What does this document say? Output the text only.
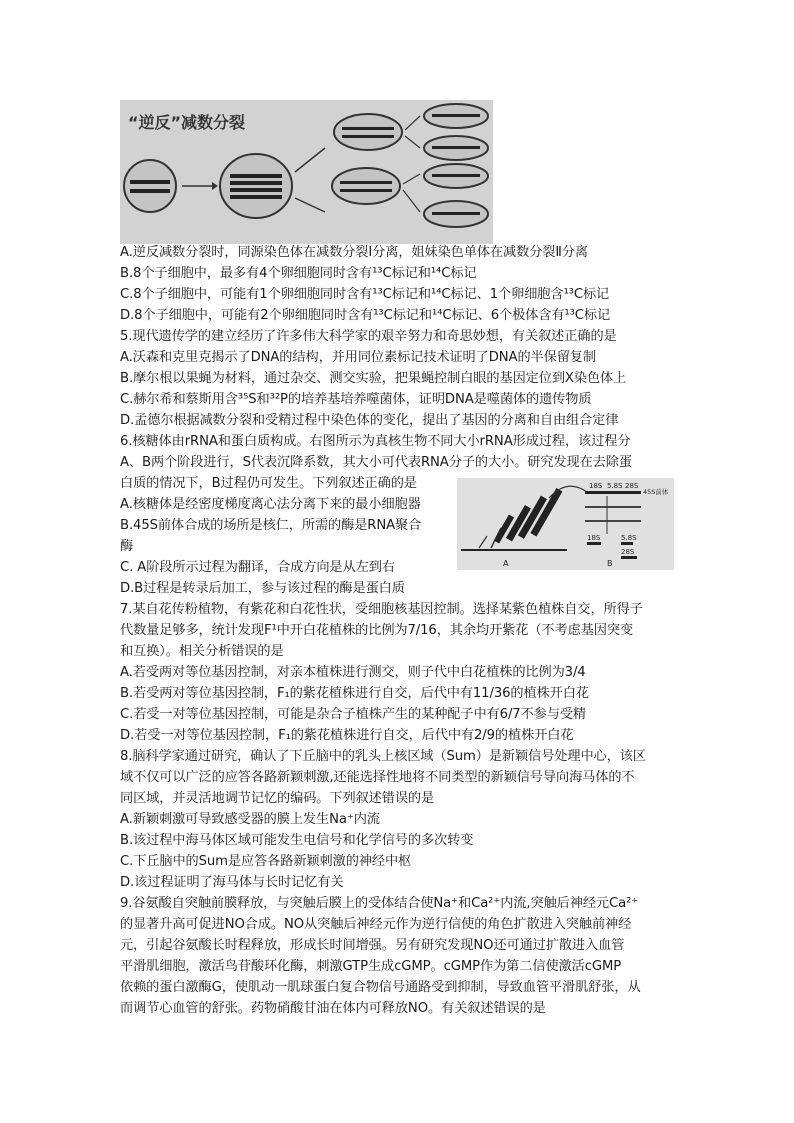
“逆反”减数分裂
A	B
18S 5.8S 28S
45S前体
18S	5.8S
28S
A.逆反减数分裂时，同源染色体在减数分裂Ⅰ分离，姐妹染色单体在减数分裂Ⅱ分离
B.8个子细胞中，最多有4个卵细胞同时含有¹³C标记和¹⁴C标记
C.8个子细胞中，可能有1个卵细胞同时含有¹³C标记和¹⁴C标记、1个卵细胞含¹³C标记
D.8个子细胞中，可能有2个卵细胞同时含有¹³C标记和¹⁴C标记、6个极体含有¹³C标记
5.现代遗传学的建立经历了许多伟大科学家的艰辛努力和奇思妙想，有关叙述正确的是
A.沃森和克里克揭示了DNA的结构，并用同位素标记技术证明了DNA的半保留复制
B.摩尔根以果蝇为材料，通过杂交、测交实验，把果蝇控制白眼的基因定位到X染色体上
C.赫尔希和蔡斯用含³⁵S和³²P的培养基培养噬菌体，证明DNA是噬菌体的遗传物质
D.孟德尔根据减数分裂和受精过程中染色体的变化，提出了基因的分离和自由组合定律
6.核糖体由rRNA和蛋白质构成。右图所示为真核生物不同大小rRNA形成过程，该过程分
A、B两个阶段进行，S代表沉降系数，其大小可代表RNA分子的大小。研究发现在去除蛋
白质的情况下，B过程仍可发生。下列叙述正确的是
A.核糖体是经密度梯度离心法分离下来的最小细胞器
B.45S前体合成的场所是核仁，所需的酶是RNA聚合
酶
C. A阶段所示过程为翻译，合成方向是从左到右
D.B过程是转录后加工，参与该过程的酶是蛋白质
7.某自花传粉植物，有紫花和白花性状，受细胞核基因控制。选择某紫色植株自交，所得子
代数量足够多，统计发现F¹中开白花植株的比例为7/16，其余均开紫花（不考虑基因突变
和互换）。相关分析错误的是
A.若受两对等位基因控制，对亲本植株进行测交，则子代中白花植株的比例为3/4
B.若受两对等位基因控制，F₁的紫花植株进行自交，后代中有11/36的植株开白花
C.若受一对等位基因控制，可能是杂合子植株产生的某种配子中有6/7不参与受精
D.若受一对等位基因控制，F₁的紫花植株进行自交，后代中有2/9的植株开白花
8.脑科学家通过研究，确认了下丘脑中的乳头上核区域（Sum）是新颖信号处理中心，该区
域不仅可以广泛的应答各路新颖刺激,还能选择性地将不同类型的新颖信号导向海马体的不
同区域，并灵活地调节记忆的编码。下列叙述错误的是
A.新颖刺激可导致感受器的膜上发生Na⁺内流
B.该过程中海马体区域可能发生电信号和化学信号的多次转变
C.下丘脑中的Sum是应答各路新颖刺激的神经中枢
D.该过程证明了海马体与长时记忆有关
9.谷氨酸自突触前膜释放，与突触后膜上的受体结合使Na⁺和Ca²⁺内流,突触后神经元Ca²⁺
的显著升高可促进NO合成。NO从突触后神经元作为逆行信使的角色扩散进入突触前神经
元，引起谷氨酸长时程释放，形成长时间增强。另有研究发现NO还可通过扩散进入血管
平滑肌细胞，激活鸟苷酸环化酶，刺激GTP生成cGMP。cGMP作为第二信使激活cGMP
依赖的蛋白激酶G，使肌动一肌球蛋白复合物信号通路受到抑制，导致血管平滑肌舒张，从
而调节心血管的舒张。药物硝酸甘油在体内可释放NO。有关叙述错误的是
